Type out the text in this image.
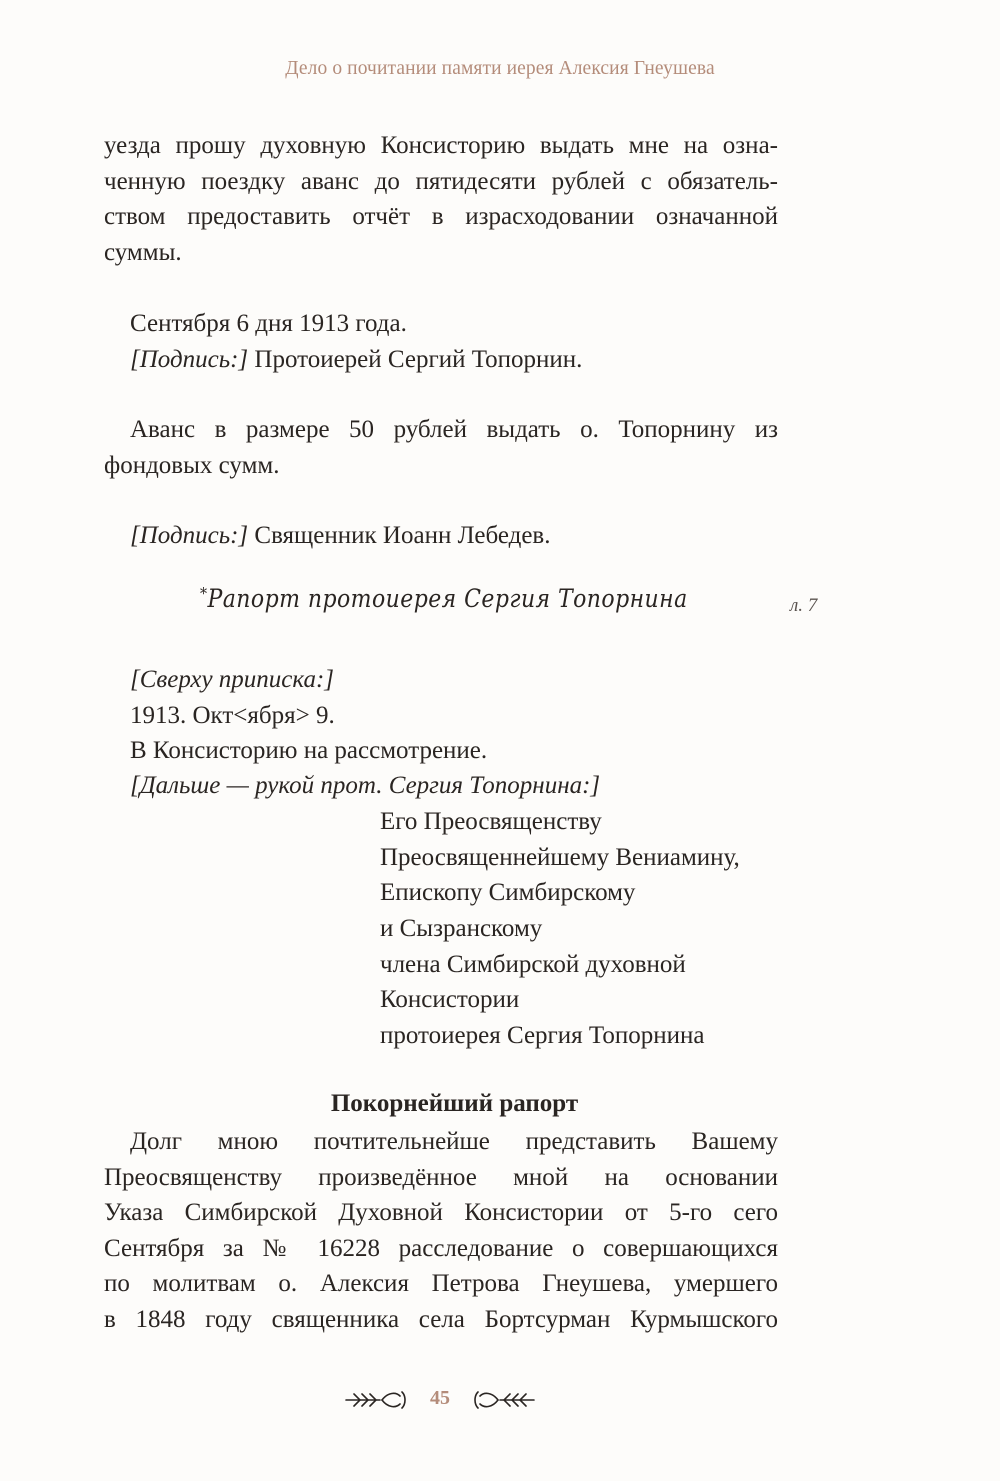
Дело о почитании памяти иерея Алексия Гнеушева
уезда прошу духовную Консисторию выдать мне на озна-
ченную поездку аванс до пятидесяти рублей с обязатель-
ством предоставить отчёт в израсходовании означанной
суммы.
Сентября 6 дня 1913 года.
[Подпись:] Протоиерей Сергий Топорнин.
Аванс в размере 50 рублей выдать о. Топорнину из
фондовых сумм.
[Подпись:] Священник Иоанн Лебедев.
*Рапорт протоиерея Сергия Топорнина	л. 7
[Сверху приписка:]
1913. Окт<ября> 9.
В Консисторию на рассмотрение.
[Дальше — рукой прот. Сергия Топорнина:]
Его Преосвященству
Преосвященнейшему Вениамину,
Епископу Симбирскому
и Сызранскому
члена Симбирской духовной
Консистории
протоиерея Сергия Топорнина
Покорнейший рапорт
Долг мною почтительнейше представить Вашему
Преосвященству произведённое мной на основании
Указа Симбирской Духовной Консистории от 5-го сего
Сентября за № 16228 расследование о совершающихся
по молитвам о. Алексия Петрова Гнеушева, умершего
в 1848 году священника села Бортсурман Курмышского
45
